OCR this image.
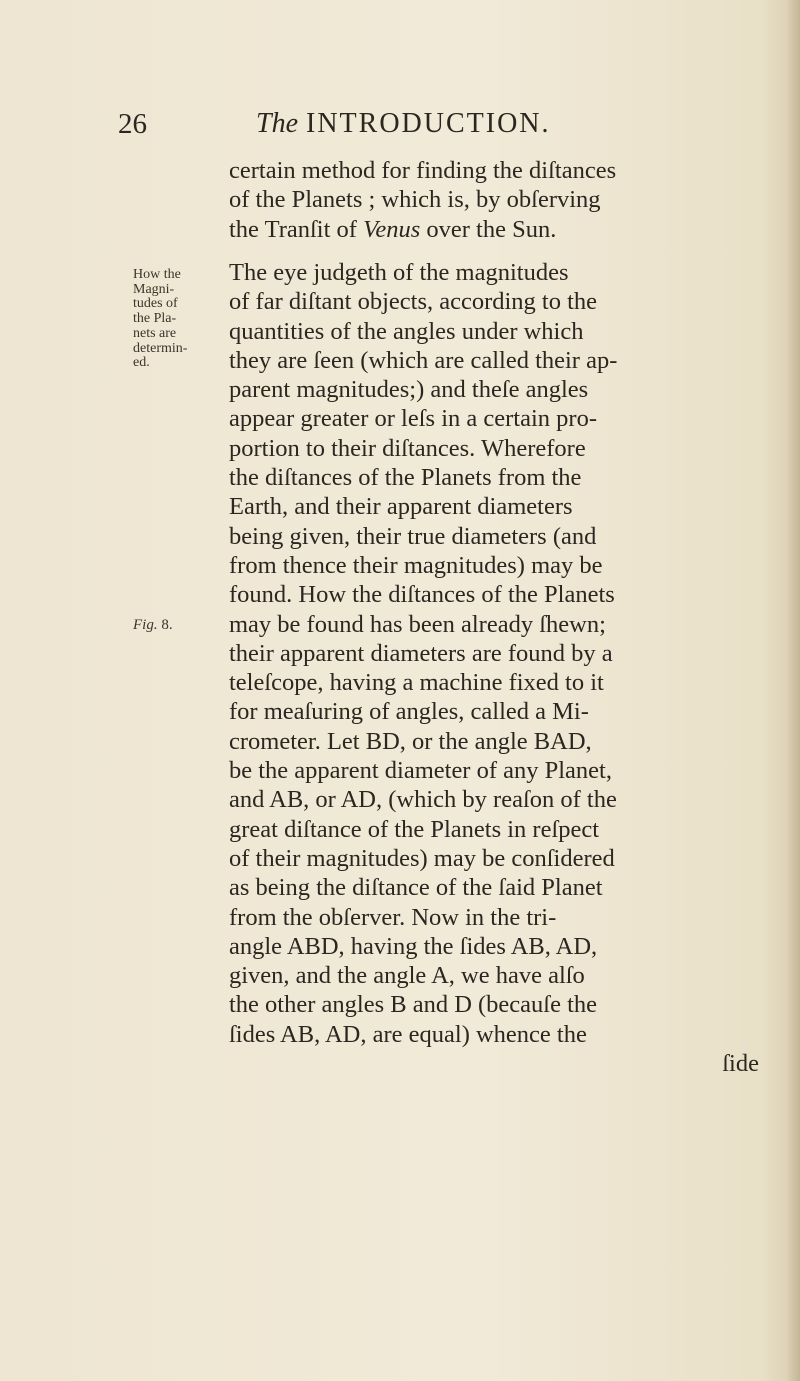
26	The INTRODUCTION.
certain method for finding the diſtances
of the Planets ; which is, by obſerving
the Tranſit of Venus over the Sun.
How the
Magni-
tudes of
the Pla-
nets are
determin-
ed.
Fig. 8.
The eye judgeth of the magnitudes
of far diſtant objects, according to the
quantities of the angles under which
they are ſeen (which are called their ap-
parent magnitudes;) and theſe angles
appear greater or leſs in a certain pro-
portion to their diſtances. Wherefore
the diſtances of the Planets from the
Earth, and their apparent diameters
being given, their true diameters (and
from thence their magnitudes) may be
found. How the diſtances of the Planets
may be found has been already ſhewn;
their apparent diameters are found by a
teleſcope, having a machine fixed to it
for meaſuring of angles, called a Mi-
crometer. Let BD, or the angle BAD,
be the apparent diameter of any Planet,
and AB, or AD, (which by reaſon of the
great diſtance of the Planets in reſpect
of their magnitudes) may be conſidered
as being the diſtance of the ſaid Planet
from the obſerver. Now in the tri-
angle ABD, having the ſides AB, AD,
given, and the angle A, we have alſo
the other angles B and D (becauſe the
ſides AB, AD, are equal) whence the
ſide
